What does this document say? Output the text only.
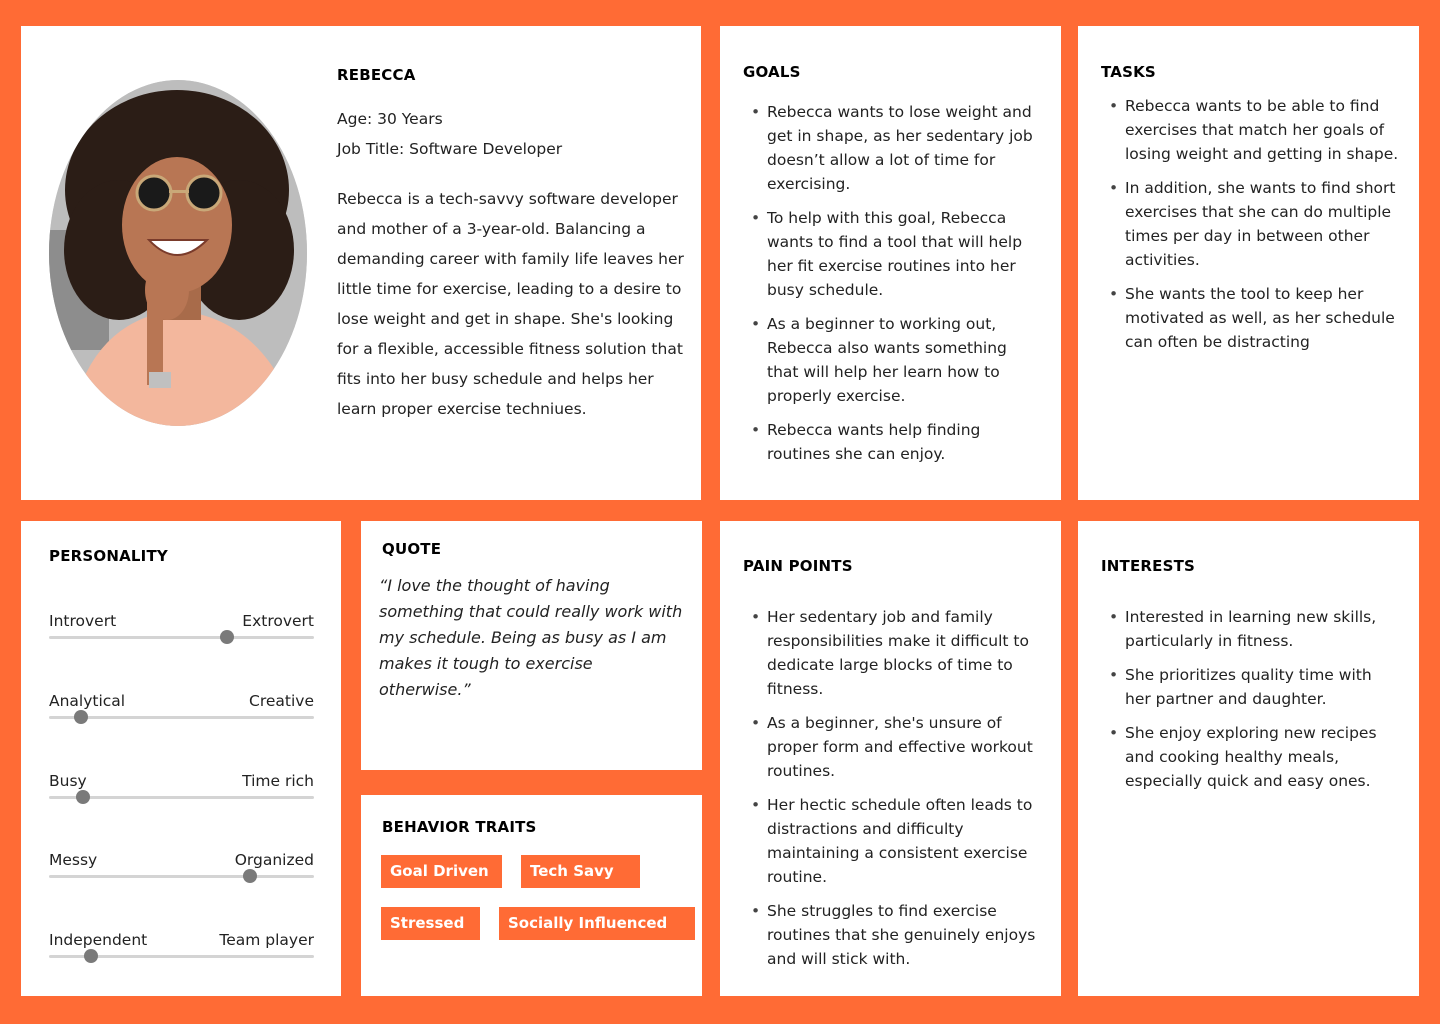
REBECCA
Age: 30 Years
Job Title: Software Developer
Rebecca is a tech-savvy software developer and mother of a 3-year-old. Balancing a demanding career with family life leaves her little time for exercise, leading to a desire to lose weight and get in shape. She's looking for a flexible, accessible fitness solution that fits into her busy schedule and helps her learn proper exercise techniues.
GOALS
• Rebecca wants to lose weight and get in shape, as her sedentary job doesn’t allow a lot of time for exercising.
• To help with this goal, Rebecca wants to find a tool that will help her fit exercise routines into her busy schedule.
• As a beginner to working out, Rebecca also wants something that will help her learn how to properly exercise.
• Rebecca wants help finding routines she can enjoy.
TASKS
• Rebecca wants to be able to find exercises that match her goals of losing weight and getting in shape.
• In addition, she wants to find short exercises that she can do multiple times per day in between other activities.
• She wants the tool to keep her motivated as well, as her schedule can often be distracting
PERSONALITY
Introvert	Extrovert
Analytical	Creative
Busy	Time rich
Messy	Organized
Independent	Team player
QUOTE
“I love the thought of having something that could really work with my schedule. Being as busy as I am makes it tough to exercise otherwise.”
BEHAVIOR TRAITS
Goal Driven	Tech Savy
Stressed	Socially Influenced
PAIN POINTS
• Her sedentary job and family responsibilities make it difficult to dedicate large blocks of time to fitness.
• As a beginner, she's unsure of proper form and effective workout routines.
• Her hectic schedule often leads to distractions and difficulty maintaining a consistent exercise routine.
• She struggles to find exercise routines that she genuinely enjoys and will stick with.
INTERESTS
• Interested in learning new skills, particularly in fitness.
• She prioritizes quality time with her partner and daughter.
• She enjoy exploring new recipes and cooking healthy meals, especially quick and easy ones.
